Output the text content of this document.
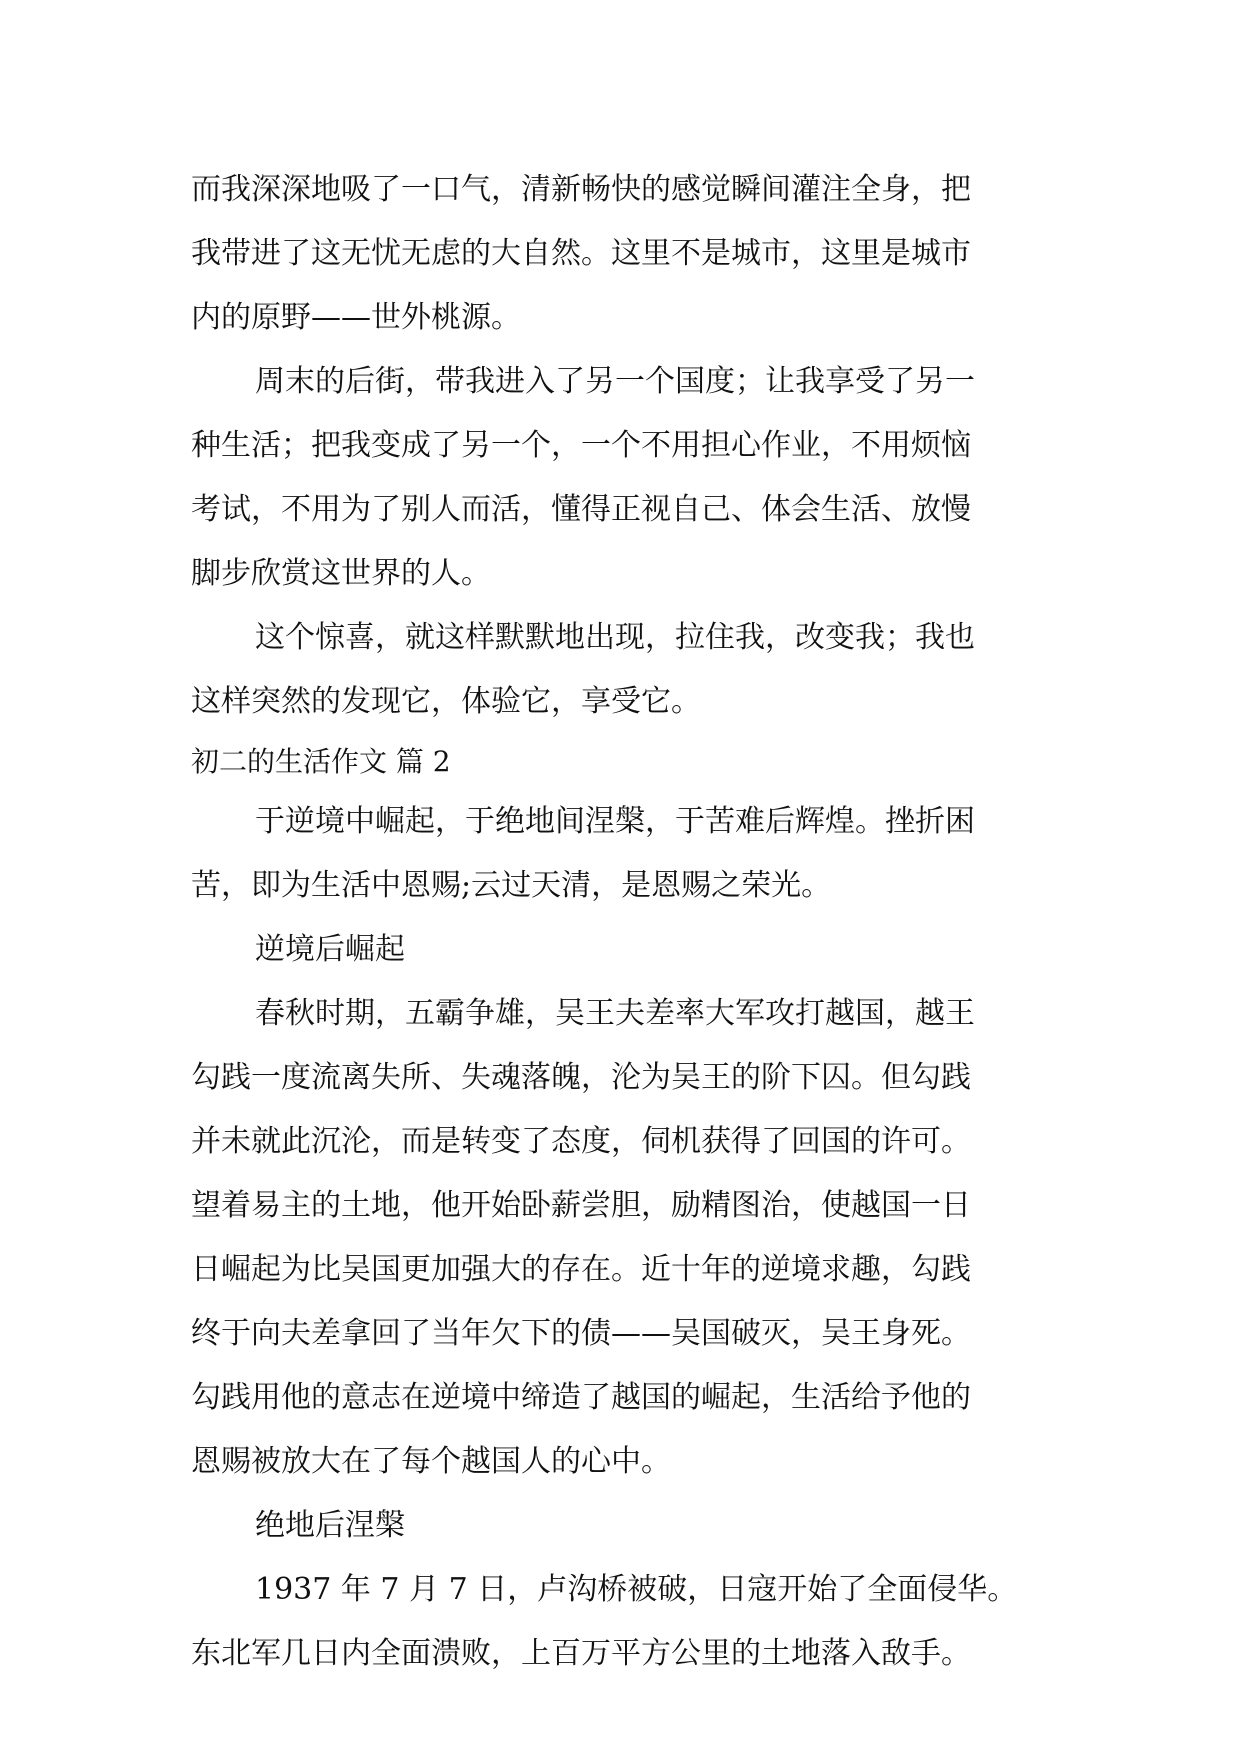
而我深深地吸了一口气，清新畅快的感觉瞬间灌注全身，把
我带进了这无忧无虑的大自然。这里不是城市，这里是城市
内的原野——世外桃源。
周末的后街，带我进入了另一个国度；让我享受了另一
种生活；把我变成了另一个，一个不用担心作业，不用烦恼
考试，不用为了别人而活，懂得正视自己、体会生活、放慢
脚步欣赏这世界的人。
这个惊喜，就这样默默地出现，拉住我，改变我；我也
这样突然的发现它，体验它，享受它。
初二的生活作文 篇 2
于逆境中崛起，于绝地间涅槃，于苦难后辉煌。挫折困
苦，即为生活中恩赐;云过天清，是恩赐之荣光。
逆境后崛起
春秋时期，五霸争雄，吴王夫差率大军攻打越国，越王
勾践一度流离失所、失魂落魄，沦为吴王的阶下囚。但勾践
并未就此沉沦，而是转变了态度，伺机获得了回国的许可。
望着易主的土地，他开始卧薪尝胆，励精图治，使越国一日
日崛起为比吴国更加强大的存在。近十年的逆境求趣，勾践
终于向夫差拿回了当年欠下的债——吴国破灭，吴王身死。
勾践用他的意志在逆境中缔造了越国的崛起，生活给予他的
恩赐被放大在了每个越国人的心中。
绝地后涅槃
1937 年 7 月 7 日，卢沟桥被破，日寇开始了全面侵华。
东北军几日内全面溃败，上百万平方公里的土地落入敌手。
